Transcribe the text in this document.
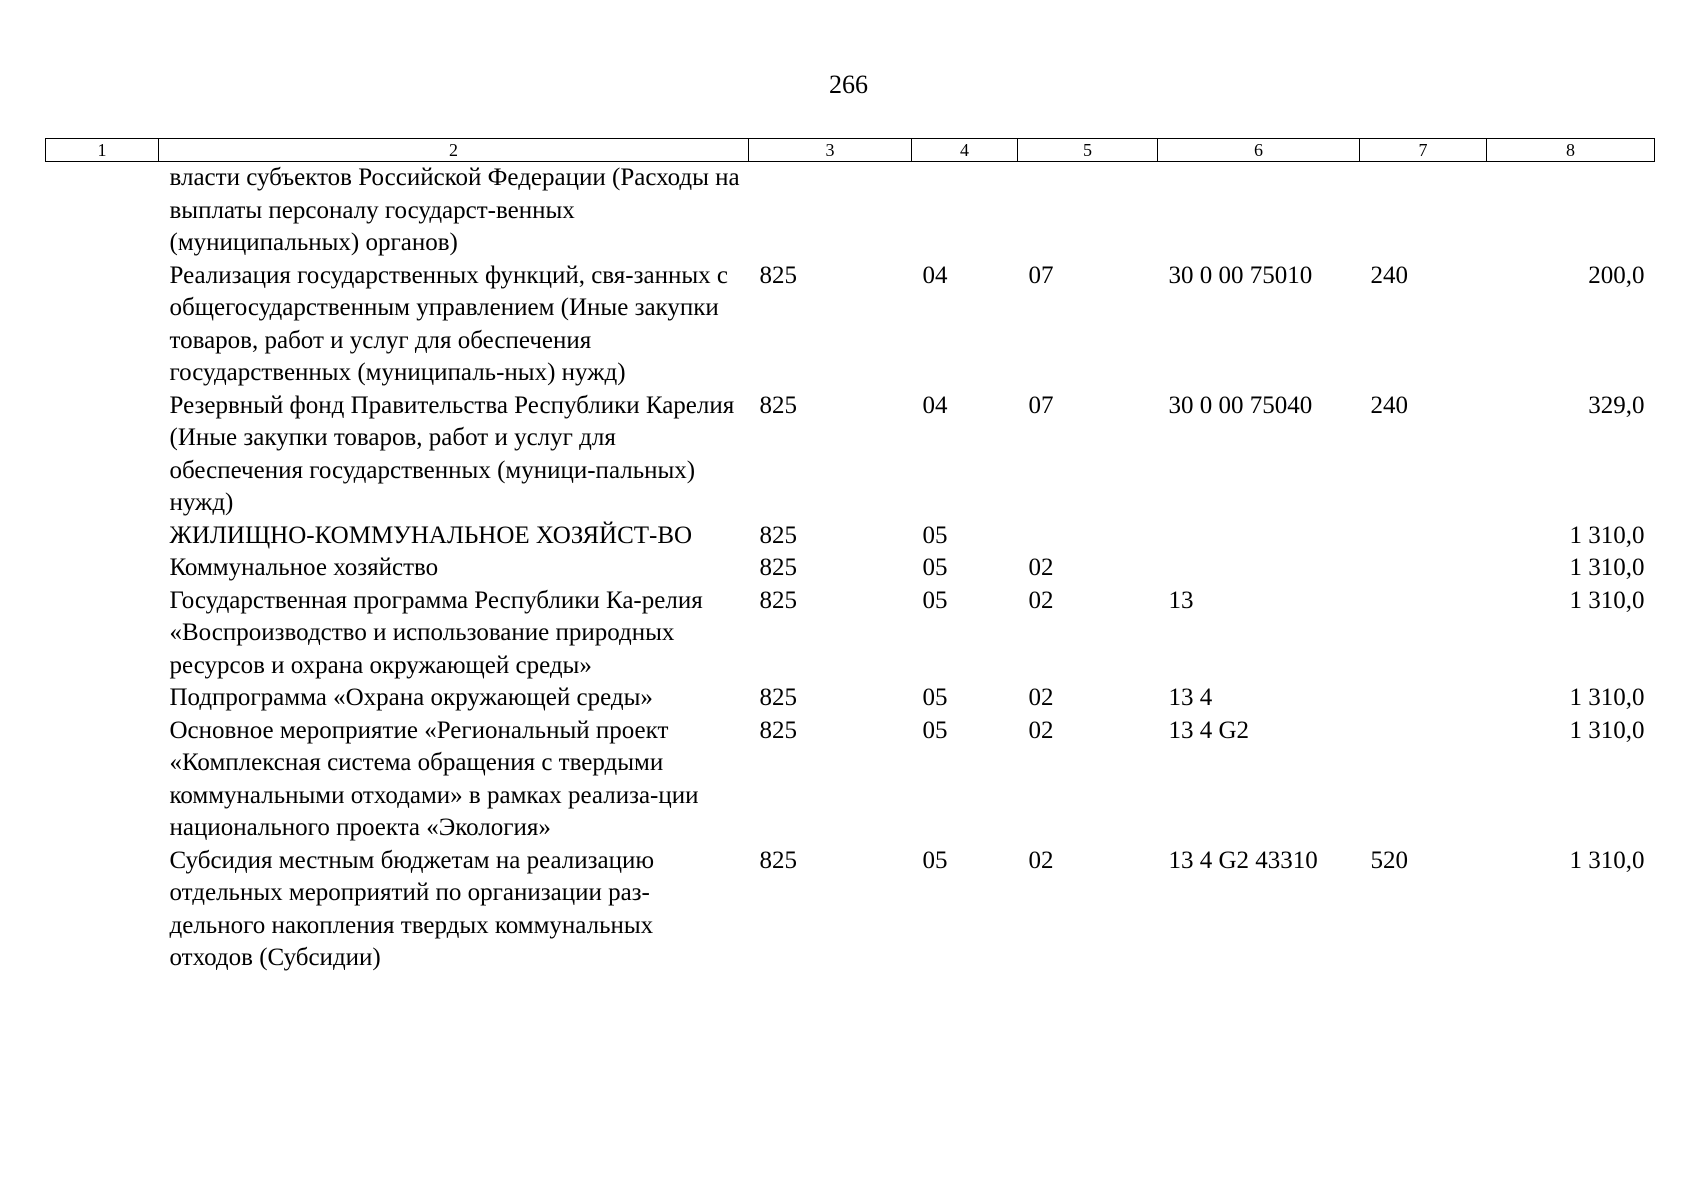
266
1	2	3	4	5	6	7	8
	власти субъектов Российской Федерации (Расходы на выплаты персоналу государст-венных (муниципальных) органов)						
	Реализация государственных функций, свя-занных с общегосударственным управлением (Иные закупки товаров, работ и услуг для обеспечения государственных (муниципаль-ных) нужд)	825	04	07	30 0 00 75010	240	200,0
	Резервный фонд Правительства Республики Карелия (Иные закупки товаров, работ и услуг для обеспечения государственных (муници-пальных) нужд)	825	04	07	30 0 00 75040	240	329,0
	ЖИЛИЩНО-КОММУНАЛЬНОЕ ХОЗЯЙСТ-ВО	825	05				1 310,0
	Коммунальное хозяйство	825	05	02			1 310,0
	Государственная программа Республики Ка-релия «Воспроизводство и использование природных ресурсов и охрана окружающей среды»	825	05	02	13		1 310,0
	Подпрограмма «Охрана окружающей среды»	825	05	02	13 4		1 310,0
	Основное мероприятие «Региональный проект «Комплексная система обращения с твердыми коммунальными отходами» в рамках реализа-ции национального проекта «Экология»	825	05	02	13 4 G2		1 310,0
	Субсидия местным бюджетам на реализацию отдельных мероприятий по организации раз-дельного накопления твердых коммунальных отходов (Субсидии)	825	05	02	13 4 G2 43310	520	1 310,0
